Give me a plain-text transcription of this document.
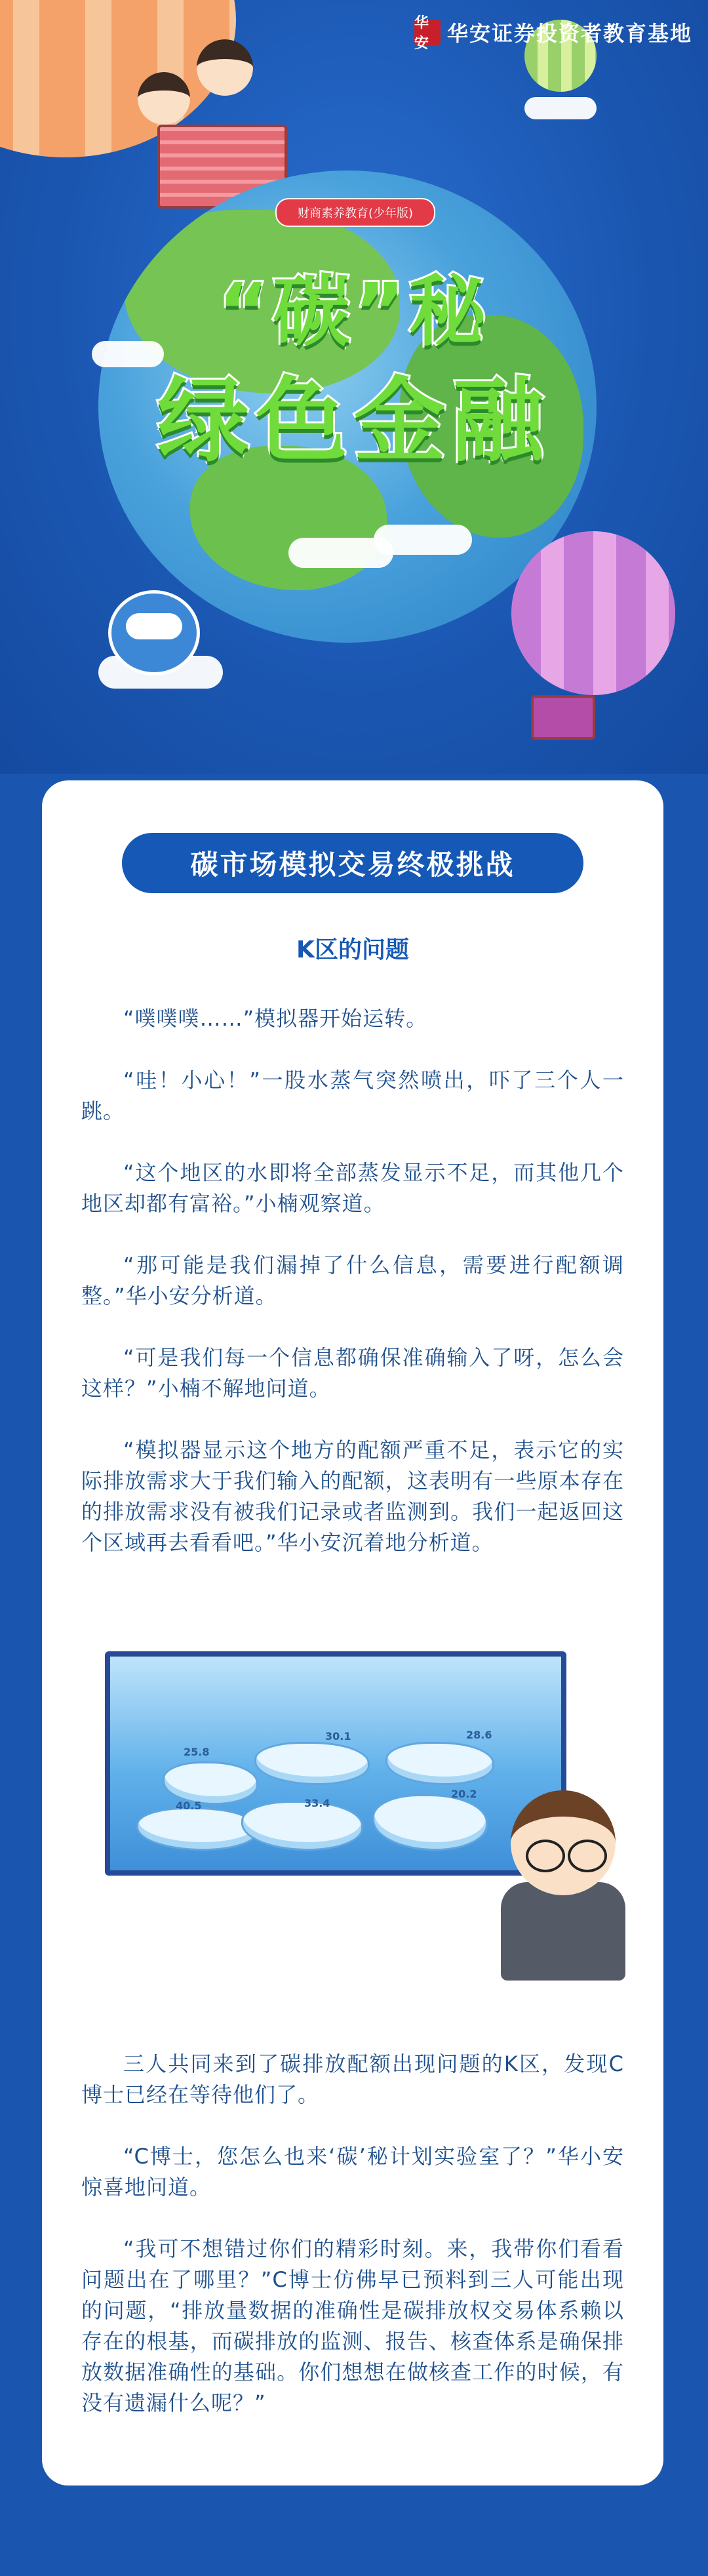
华安 华安证券投资者教育基地
财商素养教育(少年版)
“碳”秘
绿色金融
碳市场模拟交易终极挑战
K区的问题

“噗噗噗……”模拟器开始运转。

“哇！小心！”一股水蒸气突然喷出，吓了三个人一跳。

“这个地区的水即将全部蒸发显示不足，而其他几个地区却都有富裕。”小楠观察道。

“那可能是我们漏掉了什么信息，需要进行配额调整。”华小安分析道。

“可是我们每一个信息都确保准确输入了呀，怎么会这样？”小楠不解地问道。

“模拟器显示这个地方的配额严重不足，表示它的实际排放需求大于我们输入的配额，这表明有一些原本存在的排放需求没有被我们记录或者监测到。我们一起返回这个区域再去看看吧。”华小安沉着地分析道。

25.8
30.1	28.6
40.5	33.4
20.2

三人共同来到了碳排放配额出现问题的K区，发现C博士已经在等待他们了。

“C博士，您怎么也来‘碳’秘计划实验室了？”华小安惊喜地问道。

“我可不想错过你们的精彩时刻。来，我带你们看看问题出在了哪里？”C博士仿佛早已预料到三人可能出现的问题，“排放量数据的准确性是碳排放权交易体系赖以存在的根基，而碳排放的监测、报告、核查体系是确保排放数据准确性的基础。你们想想在做核查工作的时候，有没有遗漏什么呢？”
